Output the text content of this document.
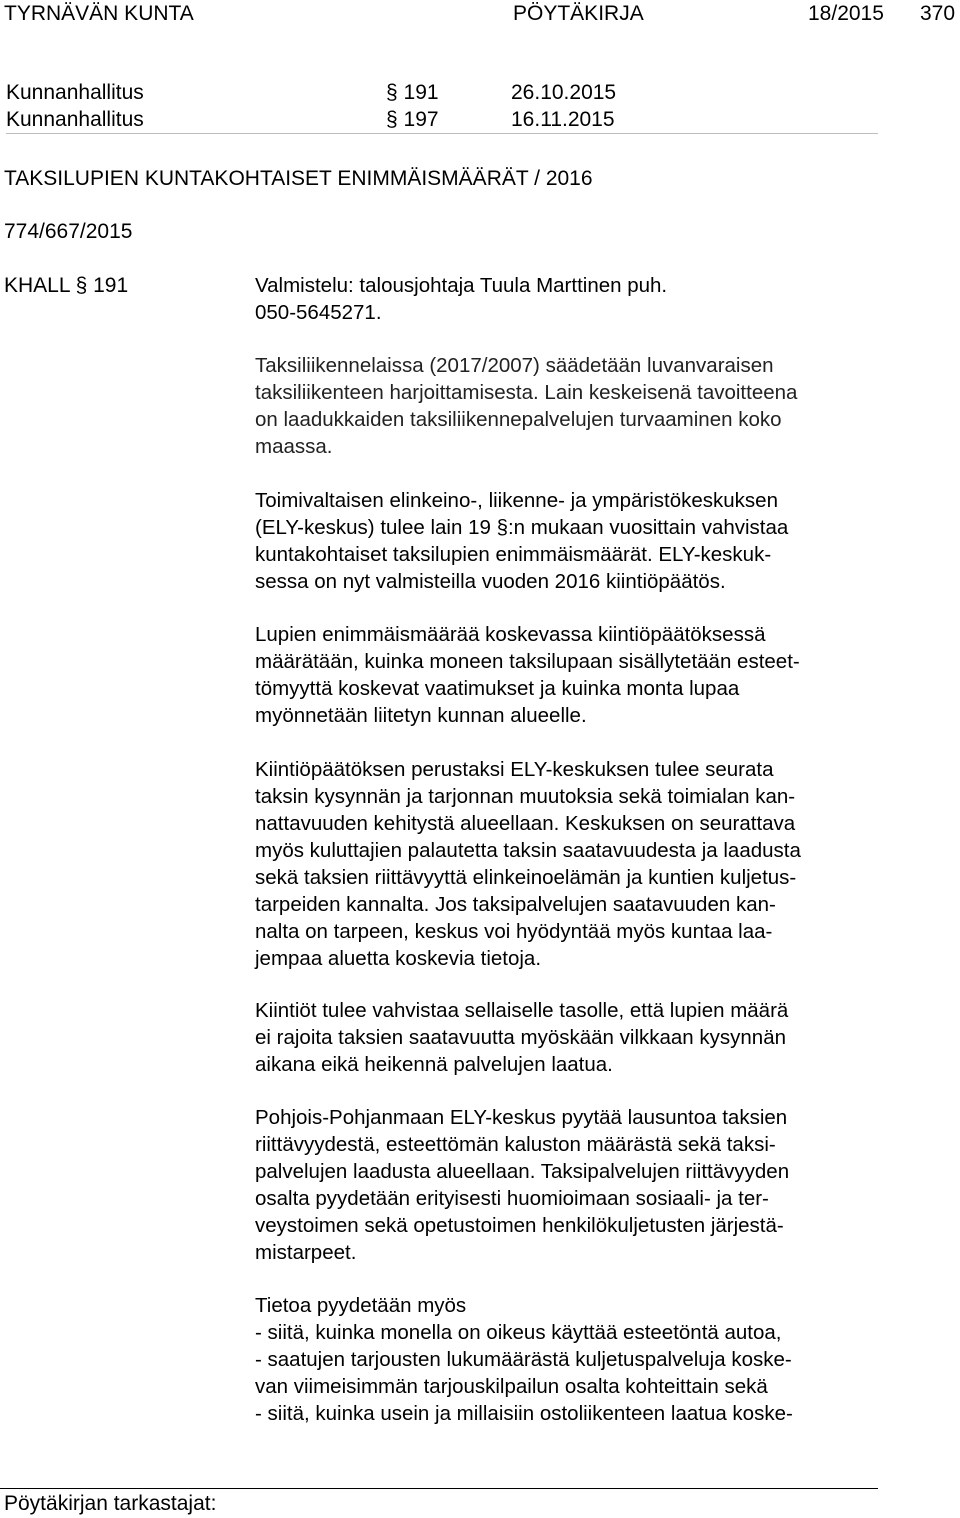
TYRNÄVÄN KUNTA	PÖYTÄKIRJA	18/2015 370
Kunnanhallitus	§ 191	26.10.2015
Kunnanhallitus	§ 197	16.11.2015
TAKSILUPIEN KUNTAKOHTAISET ENIMMÄISMÄÄRÄT / 2016
774/667/2015
KHALL § 191	Valmistelu: talousjohtaja Tuula Marttinen puh.
050-5645271.

Taksiliikennelaissa (2017/2007) säädetään luvanvaraisen
taksiliikenteen harjoittamisesta. Lain keskeisenä tavoitteena
on laadukkaiden taksiliikennepalvelujen turvaaminen koko
maassa.

Toimivaltaisen elinkeino-, liikenne- ja ympäristökeskuksen
(ELY-keskus) tulee lain 19 §:n mukaan vuosittain vahvistaa
kuntakohtaiset taksilupien enimmäismäärät. ELY-keskuk-
sessa on nyt valmisteilla vuoden 2016 kiintiöpäätös.

Lupien enimmäismäärää koskevassa kiintiöpäätöksessä
määrätään, kuinka moneen taksilupaan sisällytetään esteet-
tömyyttä koskevat vaatimukset ja kuinka monta lupaa
myönnetään liitetyn kunnan alueelle.

Kiintiöpäätöksen perustaksi ELY-keskuksen tulee seurata
taksin kysynnän ja tarjonnan muutoksia sekä toimialan kan-
nattavuuden kehitystä alueellaan. Keskuksen on seurattava
myös kuluttajien palautetta taksin saatavuudesta ja laadusta
sekä taksien riittävyyttä elinkeinoelämän ja kuntien kuljetus-
tarpeiden kannalta. Jos taksipalvelujen saatavuuden kan-
nalta on tarpeen, keskus voi hyödyntää myös kuntaa laa-
jempaa aluetta koskevia tietoja.

Kiintiöt tulee vahvistaa sellaiselle tasolle, että lupien määrä
ei rajoita taksien saatavuutta myöskään vilkkaan kysynnän
aikana eikä heikennä palvelujen laatua.

Pohjois-Pohjanmaan ELY-keskus pyytää lausuntoa taksien
riittävyydestä, esteettömän kaluston määrästä sekä taksi-
palvelujen laadusta alueellaan. Taksipalvelujen riittävyyden
osalta pyydetään erityisesti huomioimaan sosiaali- ja ter-
veystoimen sekä opetustoimen henkilökuljetusten järjestä-
mistarpeet.

Tietoa pyydetään myös
- siitä, kuinka monella on oikeus käyttää esteetöntä autoa,
- saatujen tarjousten lukumäärästä kuljetuspalveluja koske-
van viimeisimmän tarjouskilpailun osalta kohteittain sekä
- siitä, kuinka usein ja millaisiin ostoliikenteen laatua koske-

Pöytäkirjan tarkastajat:
